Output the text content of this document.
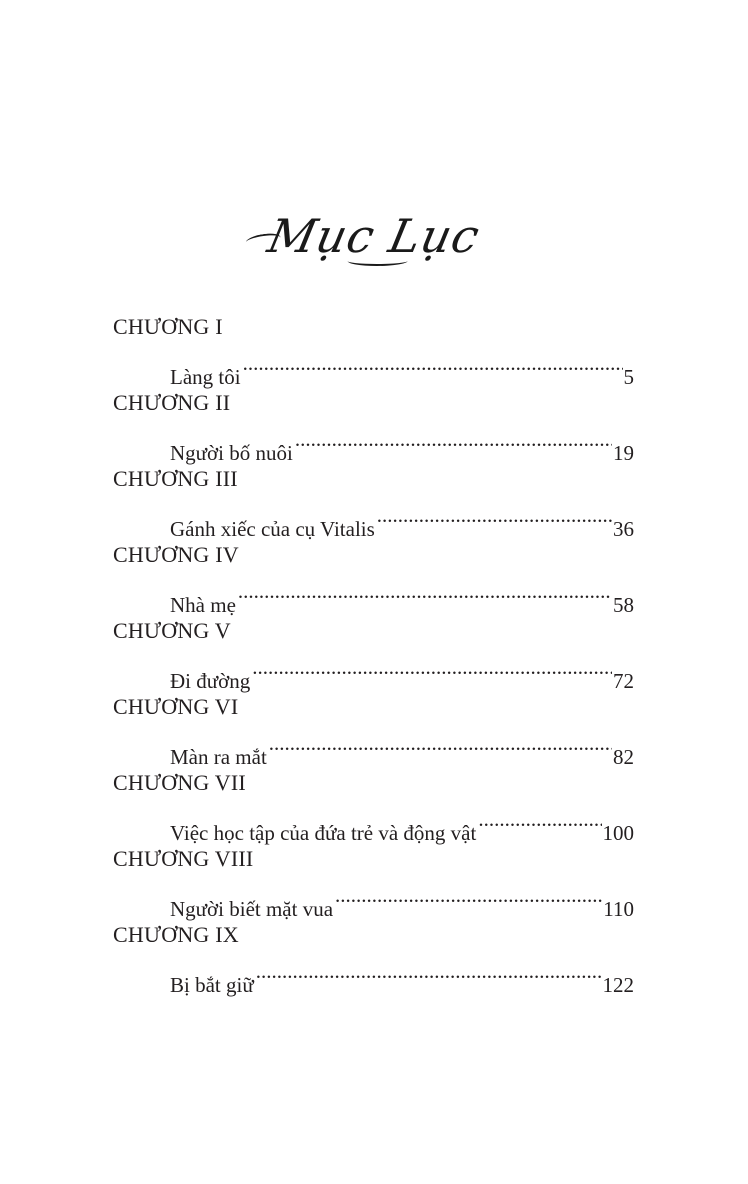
Mục Lục
CHƯƠNG I
Làng tôi .....	5
CHƯƠNG II
Người bố nuôi .....	19
CHƯƠNG III
Gánh xiếc của cụ Vitalis .....	36
CHƯƠNG IV
Nhà mẹ .....	58
CHƯƠNG V
Đi đường .....	72
CHƯƠNG VI
Màn ra mắt .....	82
CHƯƠNG VII
Việc học tập của đứa trẻ và động vật .....	100
CHƯƠNG VIII
Người biết mặt vua .....	110
CHƯƠNG IX
Bị bắt giữ .....	122
